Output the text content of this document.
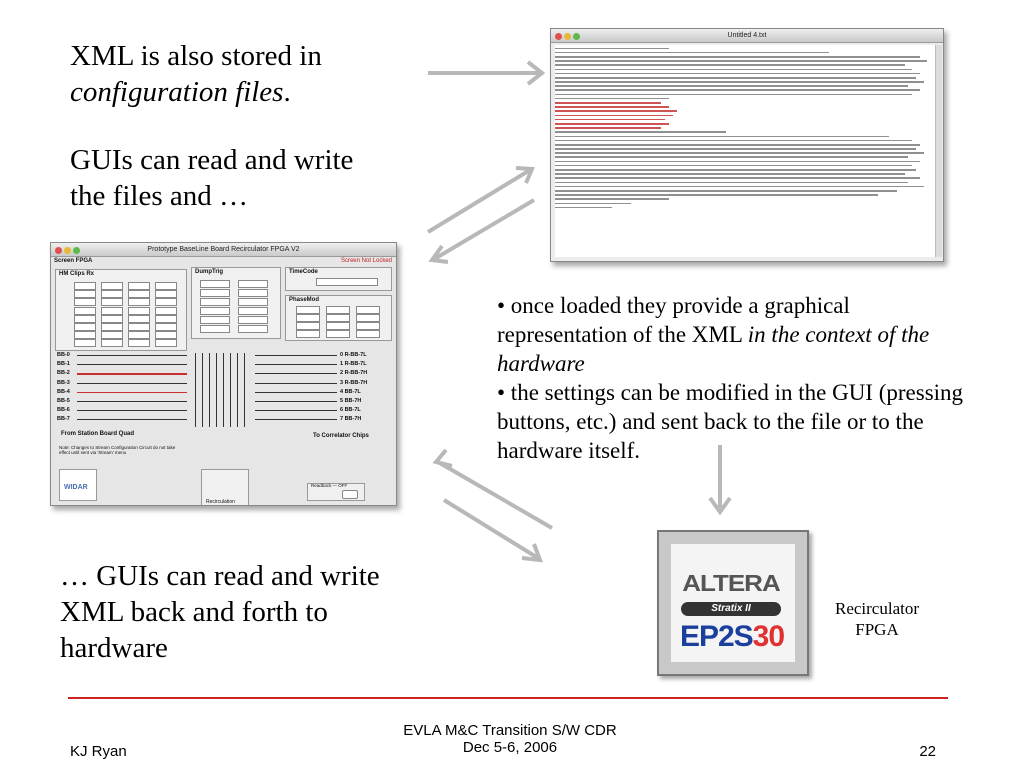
XML is also stored in
configuration files.
GUIs can read and write
the files and …
Untitled 4.txt
Prototype BaseLine Board Recirculator FPGA V2
Screen FPGA	Screen Not Locked
HM Clips Rx	DumpTrig	TimeCode
PhaseMod
BB-0	0 R-BB-7L
BB-1	1 R-BB-7L
BB-2	2 R-BB-7H
BB-3	3 R-BB-7H
BB-4	4 BB-7L
BB-5	5 BB-7H
BB-6	6 BB-7L
BB-7	7 BB-7H
From Station Board Quad	To Correlator Chips
Note: Changes to Stream Configuration Circuit do not take effect until sent via 'Stream' menu
WIDAR
Recirculation
Readback — OFF
• once loaded they provide a graphical representation of the XML in the context of the hardware
• the settings can be modified in the GUI (pressing buttons, etc.) and sent back to the file or to the hardware itself.
… GUIs can read and write
XML back and forth to
hardware
ALTERA
Stratix II
EP2S30
Recirculator
FPGA
KJ Ryan
EVLA M&C Transition S/W CDR
Dec 5-6, 2006	22
